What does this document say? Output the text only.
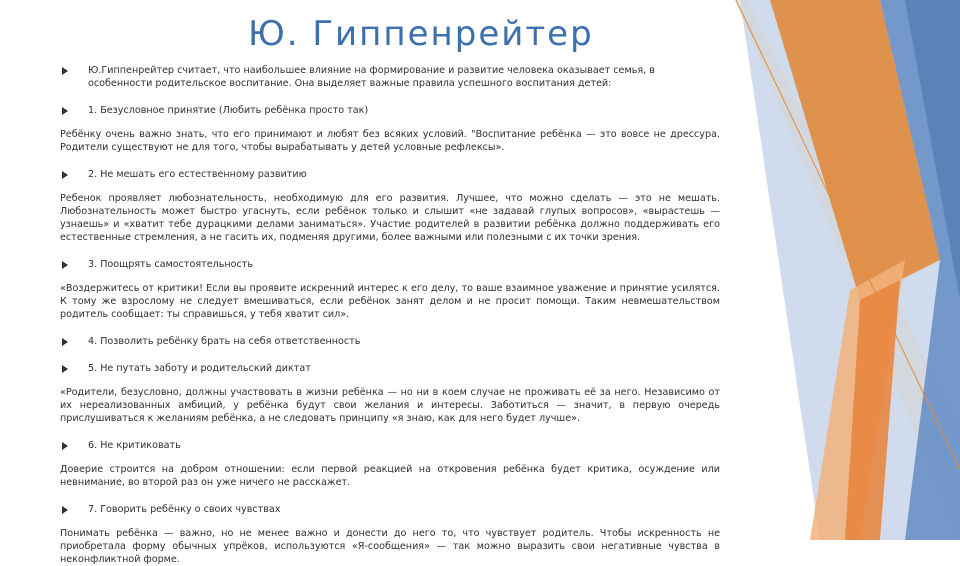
Ю. Гиппенрейтер
Ю.Гиппенрейтер считает, что наибольшее влияние на формирование и развитие человека оказывает семья, в особенности родительское воспитание. Она выделяет важные правила успешного воспитания детей:
1. Безусловное принятие (Любить ребёнка просто так)

Ребёнку очень важно знать, что его принимают и любят без всяких условий. "Воспитание ребёнка — это вовсе не дрессура. Родители существуют не для того, чтобы вырабатывать у детей условные рефлексы».

2. Не мешать его естественному развитию

Ребенок проявляет любознательность, необходимую для его развития. Лучшее, что можно сделать — это не мешать. Любознательность может быстро угаснуть, если ребёнок только и слышит «не задавай глупых вопросов», «вырастешь — узнаешь» и «хватит тебе дурацкими делами заниматься». Участие родителей в развитии ребёнка должно поддерживать его естественные стремления, а не гасить их, подменяя другими, более важными или полезными с их точки зрения.

3. Поощрять самостоятельность

«Воздержитесь от критики! Если вы проявите искренний интерес к его делу, то ваше взаимное уважение и принятие усилятся. К тому же взрослому не следует вмешиваться, если ребёнок занят делом и не просит помощи. Таким невмешательством родитель сообщает: ты справишься, у тебя хватит сил».

4. Позволить ребёнку брать на себя ответственность
5. Не путать заботу и родительский диктат

«Родители, безусловно, должны участвовать в жизни ребёнка — но ни в коем случае не проживать её за него. Независимо от их нереализованных амбиций, у ребёнка будут свои желания и интересы. Заботиться — значит, в первую очередь прислушиваться к желаниям ребёнка, а не следовать принципу «я знаю, как для него будет лучше».

6. Не критиковать

Доверие строится на добром отношении: если первой реакцией на откровения ребёнка будет критика, осуждение или невнимание, во второй раз он уже ничего не расскажет.

7. Говорить ребёнку о своих чувствах

Понимать ребёнка — важно, но не менее важно и донести до него то, что чувствует родитель. Чтобы искренность не приобретала форму обычных упрёков, используются «Я-сообщения» — так можно выразить свои негативные чувства в неконфликтной форме.
